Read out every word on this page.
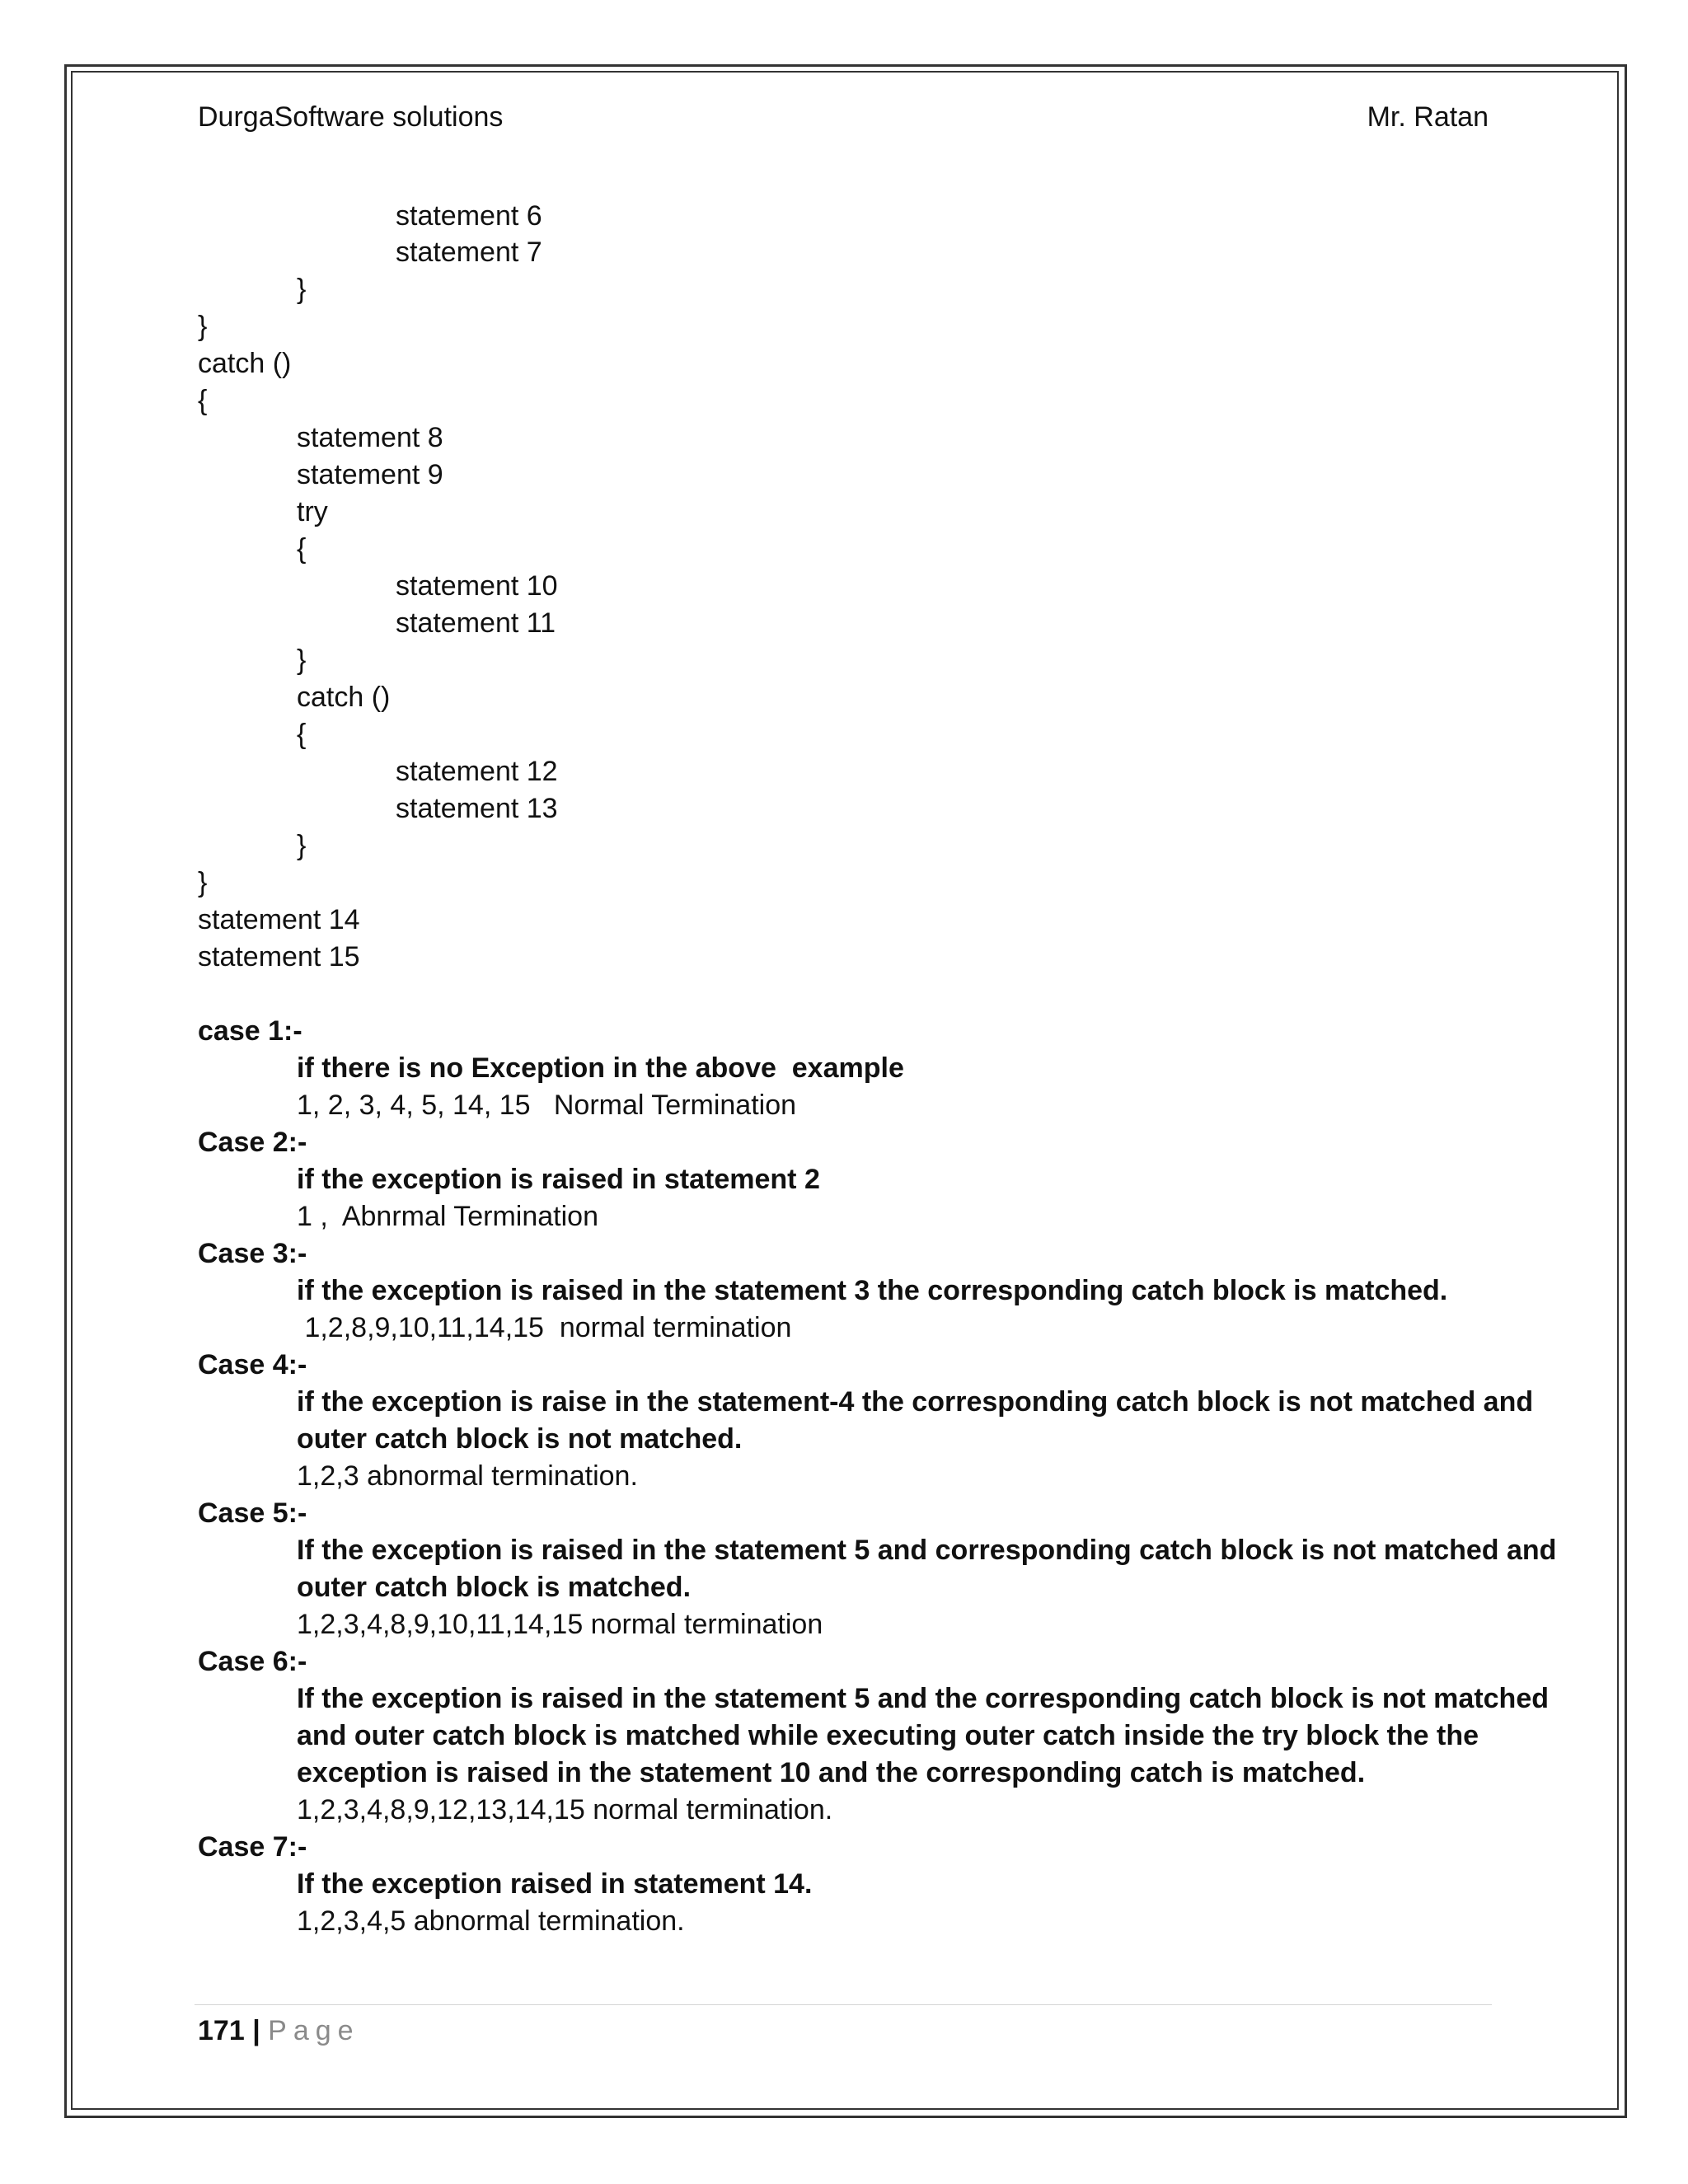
DurgaSoftware solutions	Mr. Ratan

statement 6

statement 7

}

}

catch ()

{

statement 8

statement 9

try

{

statement 10

statement 11

}

catch ()

{

statement 12

statement 13

}

}

statement 14

statement 15

case 1:-

if there is no Exception in the above  example

1, 2, 3, 4, 5, 14, 15   Normal Termination

Case 2:-

if the exception is raised in statement 2

1 ,  Abnrmal Termination

Case 3:-

if the exception is raised in the statement 3 the corresponding catch block is matched.

1,2,8,9,10,11,14,15  normal termination

Case 4:-

if the exception is raise in the statement-4 the corresponding catch block is not matched and

outer catch block is not matched.

1,2,3 abnormal termination.

Case 5:-

If the exception is raised in the statement 5 and corresponding catch block is not matched and

outer catch block is matched.

1,2,3,4,8,9,10,11,14,15 normal termination

Case 6:-

If the exception is raised in the statement 5 and the corresponding catch block is not matched

and outer catch block is matched while executing outer catch inside the try block the the

exception is raised in the statement 10 and the corresponding catch is matched.

1,2,3,4,8,9,12,13,14,15 normal termination.

Case 7:-

If the exception raised in statement 14.

1,2,3,4,5 abnormal termination.

171 | Page
